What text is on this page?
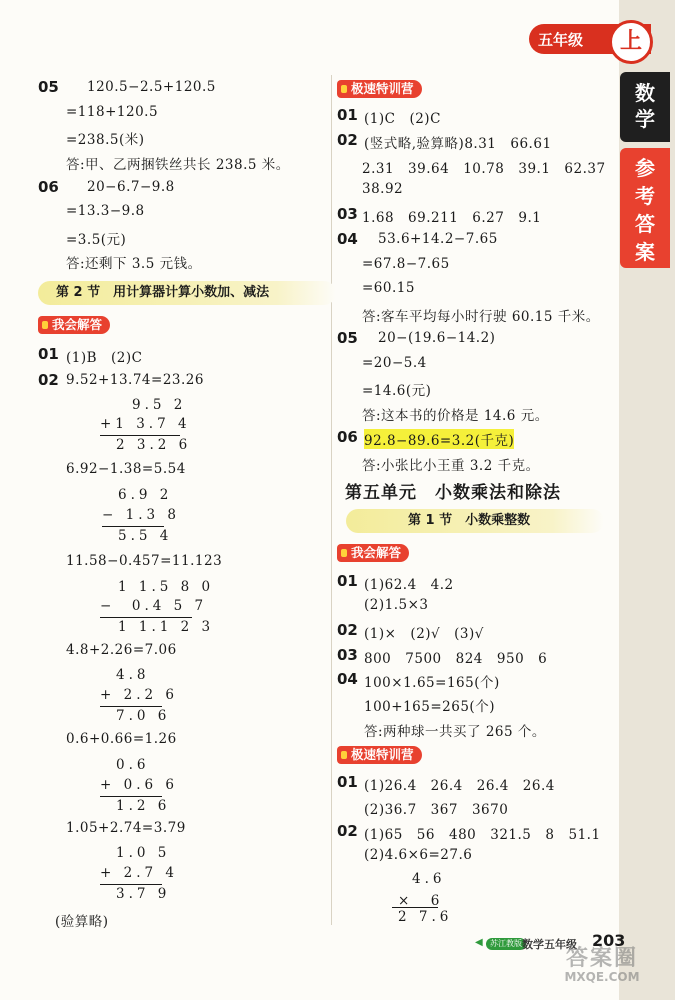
五年级	上
数学
参考答案
05 120.5−2.5+120.5
=118+120.5
=238.5(米)
答:甲、乙两捆铁丝共长 238.5 米。
06 20−6.7−9.8
=13.3−9.8
=3.5(元)
答:还剩下 3.5 元钱。
第 2 节　用计算器计算小数加、减法
我会解答
01 (1)B　(2)C
02 9.52+13.74=23.26
9.5 2
+1 3.7 4
2 3.2 6
6.92−1.38=5.54
6.9 2
− 1.3 8
5.5 4
11.58−0.457=11.123
1 1.5 8 0
−  0.4 5 7
1 1.1 2 3
4.8+2.26=7.06
4.8
+ 2.2 6
7.0 6
0.6+0.66=1.26
0.6
+ 0.6 6
1.2 6
1.05+2.74=3.79
1.0 5
+ 2.7 4
3.7 9
(验算略)
极速特训营
01 (1)C　(2)C
02 (竖式略,验算略)8.31　66.61
2.31　39.64　10.78　39.1　62.37
38.92
03 1.68　69.211　6.27　9.1
04 53.6+14.2−7.65
=67.8−7.65
=60.15
答:客车平均每小时行驶 60.15 千米。
05 20−(19.6−14.2)
=20−5.4
=14.6(元)
答:这本书的价格是 14.6 元。
06 92.8−89.6=3.2(千克)
答:小张比小王重 3.2 千克。
第五单元　小数乘法和除法
第 1 节　小数乘整数
我会解答
01 (1)62.4　4.2
(2)1.5×3
02 (1)×　(2)√　(3)√
03 800　7500　824　950　6
04 100×1.65=165(个)
100+165=265(个)
答:两种球一共买了 265 个。
极速特训营
01 (1)26.4　26.4　26.4　26.4
(2)36.7　367　3670
02 (1)65　56　480　321.5　8　51.1
(2)4.6×6=27.6
4.6
×　6
2 7.6
◀ 苏江教版 数学五年级 203
答案圈
MXQE.COM
